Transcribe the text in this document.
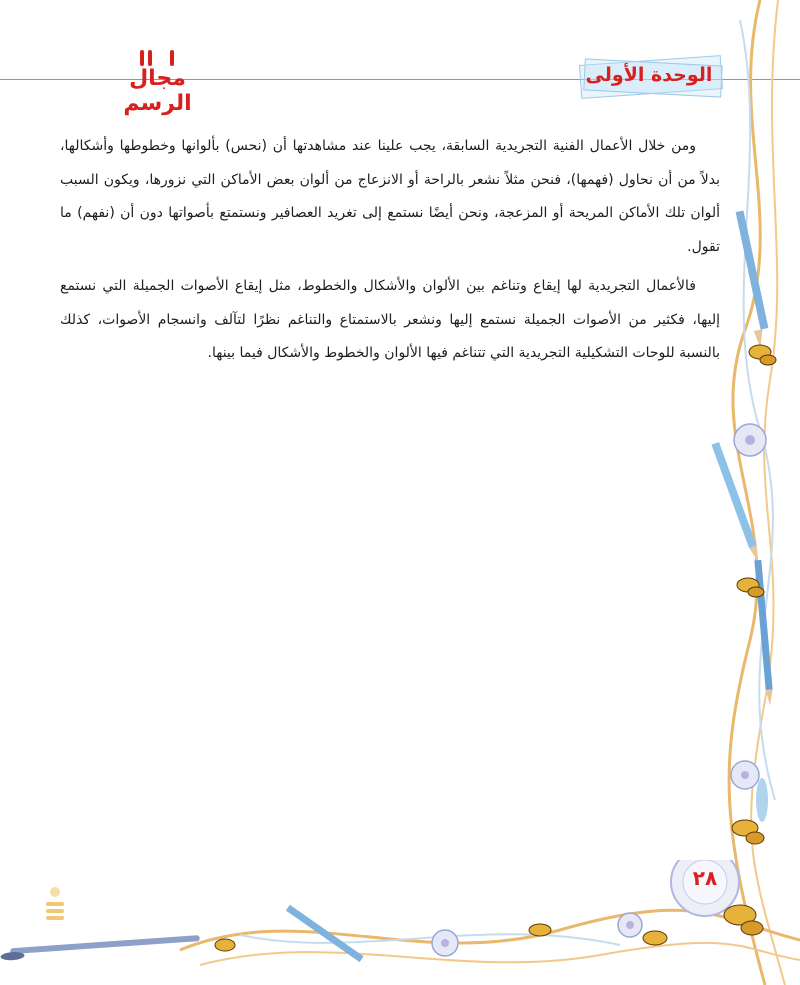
الوحدة الأولى
مجال الرسم

ومن خلال الأعمال الفنية التجريدية السابقة، يجب علينا عند مشاهدتها أن (نحس) بألوانها وخطوطها وأشكالها، بدلاً من أن نحاول (فهمها)، فنحن مثلاً نشعر بالراحة أو الانزعاج من ألوان بعض الأماكن التي نزورها، ويكون السبب ألوان تلك الأماكن المريحة أو المزعجة، ونحن أيضًا نستمع إلى تغريد العصافير ونستمتع بأصواتها دون أن (نفهم) ما تقول.

فالأعمال التجريدية لها إيقاع وتناغم بين الألوان والأشكال والخطوط، مثل إيقاع الأصوات الجميلة التي نستمع إليها، فكثير من الأصوات الجميلة نستمع إليها ونشعر بالاستمتاع والتناغم نظرًا لتآلف وانسجام الأصوات، كذلك بالنسبة للوحات التشكيلية التجريدية التي تتناغم فيها الألوان والخطوط والأشكال فيما بينها.

٢٨
